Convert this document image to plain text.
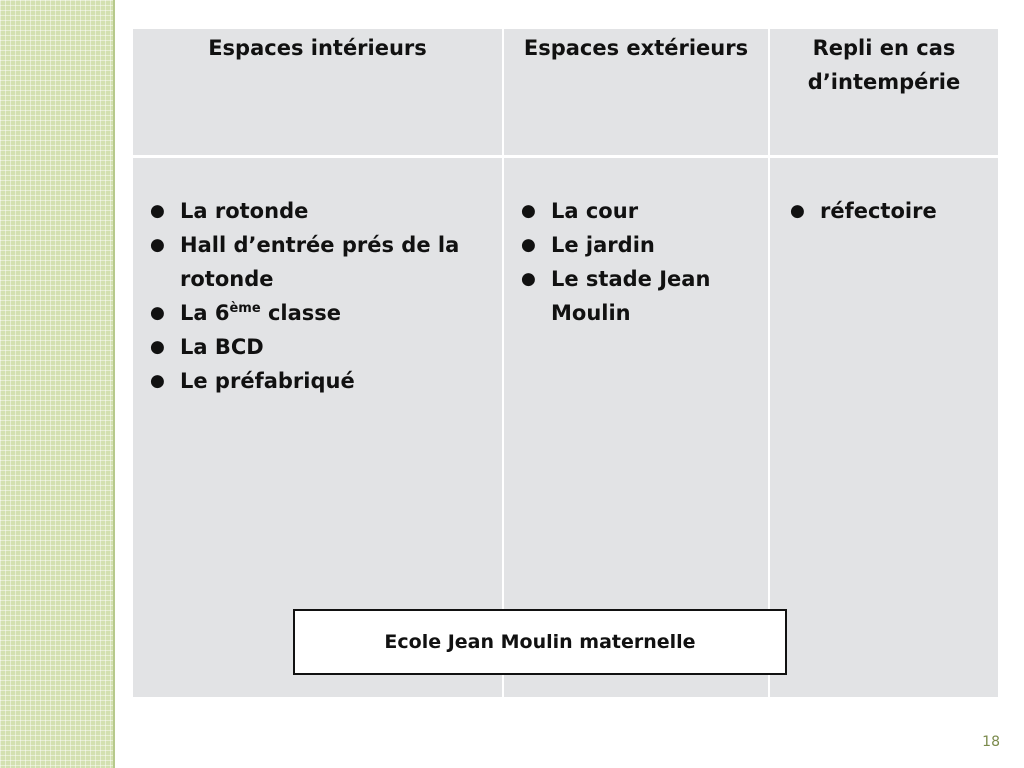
Espaces intérieurs	Espaces extérieurs	Repli en cas d’intempérie
● La rotonde
● Hall d’entrée prés de la rotonde
● La 6ème classe
● La BCD
● Le préfabriqué
● La cour
● Le jardin
● Le stade Jean Moulin
● réfectoire
Ecole Jean Moulin maternelle
18
